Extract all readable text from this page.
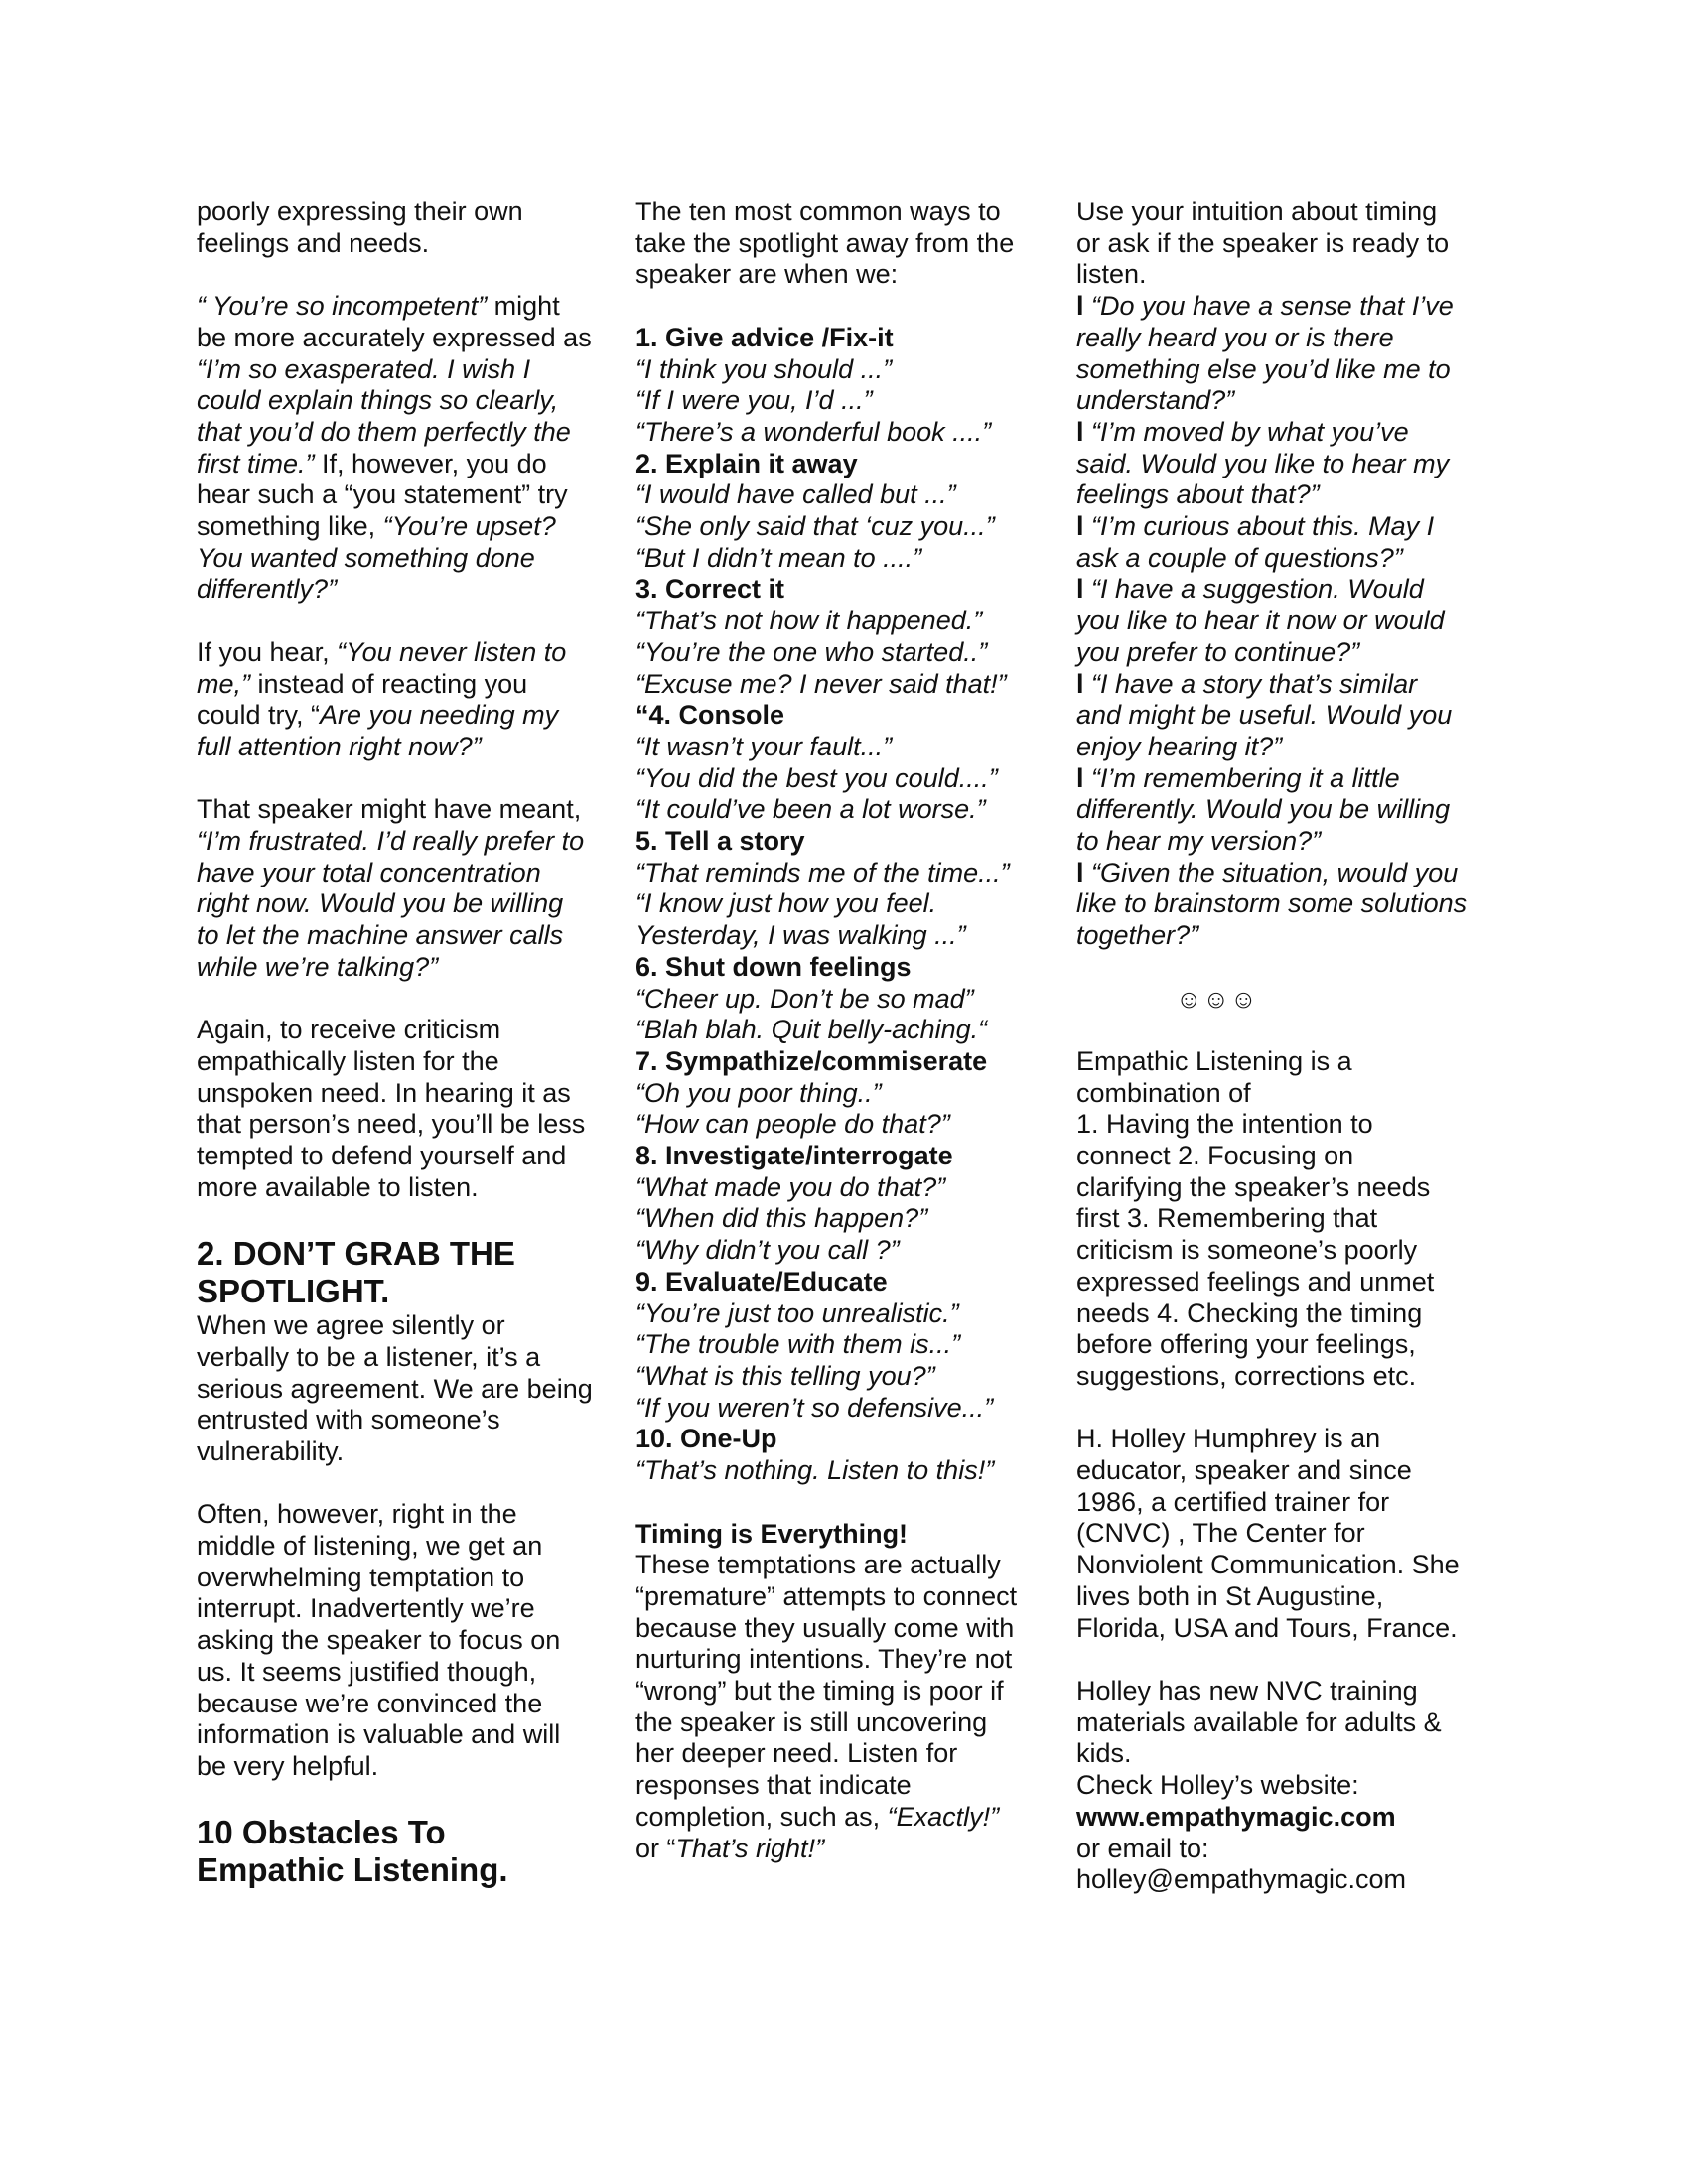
poorly expressing their own
feelings and needs.
“ You’re so incompetent” might
be more accurately expressed as
“I’m so exasperated. I wish I
could explain things so clearly,
that you’d do them perfectly the
first time.” If, however, you do
hear such a “you statement” try
something like, “You’re upset?
You wanted something done
differently?”
If you hear, “You never listen to
me,” instead of reacting you
could try, “Are you needing my
full attention right now?”
That speaker might have meant,
“I’m frustrated. I’d really prefer to
have your total concentration
right now. Would you be willing
to let the machine answer calls
while we’re talking?”
Again, to receive criticism
empathically listen for the
unspoken need. In hearing it as
that person’s need, you’ll be less
tempted to defend yourself and
more available to listen.
2. DON’T GRAB THE
SPOTLIGHT.
When we agree silently or
verbally to be a listener, it’s a
serious agreement. We are being
entrusted with someone’s
vulnerability.
Often, however, right in the
middle of listening, we get an
overwhelming temptation to
interrupt. Inadvertently we’re
asking the speaker to focus on
us. It seems justified though,
because we’re convinced the
information is valuable and will
be very helpful.
10 Obstacles To
Empathic Listening.
The ten most common ways to
take the spotlight away from the
speaker are when we:
1. Give advice /Fix-it
“I think you should ...”
“If I were you, I’d ...”
“There’s a wonderful book ....”
2. Explain it away
“I would have called but ...”
“She only said that ‘cuz you...”
“But I didn’t mean to ....”
3. Correct it
“That’s not how it happened.”
“You’re the one who started..”
“Excuse me? I never said that!”
“4. Console
“It wasn’t your fault...”
“You did the best you could....”
“It could’ve been a lot worse.”
5. Tell a story
“That reminds me of the time...”
“I know just how you feel.
Yesterday, I was walking ...”
6. Shut down feelings
“Cheer up. Don’t be so mad”
“Blah blah. Quit belly-aching.“
7. Sympathize/commiserate
“Oh you poor thing..”
“How can people do that?”
8. Investigate/interrogate
“What made you do that?”
“When did this happen?”
“Why didn’t you call ?”
9. Evaluate/Educate
“You’re just too unrealistic.”
“The trouble with them is...”
“What is this telling you?”
“If you weren’t so defensive...”
10. One-Up
“That’s nothing. Listen to this!”
Timing is Everything!
These temptations are actually
“premature” attempts to connect
because they usually come with
nurturing intentions. They’re not
“wrong” but the timing is poor if
the speaker is still uncovering
her deeper need. Listen for
responses that indicate
completion, such as, “Exactly!”
or “That’s right!”
Use your intuition about timing
or ask if the speaker is ready to
listen.
l “Do you have a sense that I’ve
really heard you or is there
something else you’d like me to
understand?”
l “I’m moved by what you’ve
said. Would you like to hear my
feelings about that?”
l “I’m curious about this. May I
ask a couple of questions?”
l “I have a suggestion. Would
you like to hear it now or would
you prefer to continue?”
l “I have a story that’s similar
and might be useful. Would you
enjoy hearing it?”
l “I’m remembering it a little
differently. Would you be willing
to hear my version?”
l “Given the situation, would you
like to brainstorm some solutions
together?”
☺☺☺
Empathic Listening is a
combination of
1. Having the intention to
connect 2. Focusing on
clarifying the speaker’s needs
first 3. Remembering that
criticism is someone’s poorly
expressed feelings and unmet
needs 4. Checking the timing
before offering your feelings,
suggestions, corrections etc.
H. Holley Humphrey is an
educator, speaker and since
1986, a certified trainer for
(CNVC) , The Center for
Nonviolent Communication. She
lives both in St Augustine,
Florida, USA and Tours, France.
Holley has new NVC training
materials available for adults &
kids.
Check Holley’s website:
www.empathymagic.com
or email to:
holley@empathymagic.com
